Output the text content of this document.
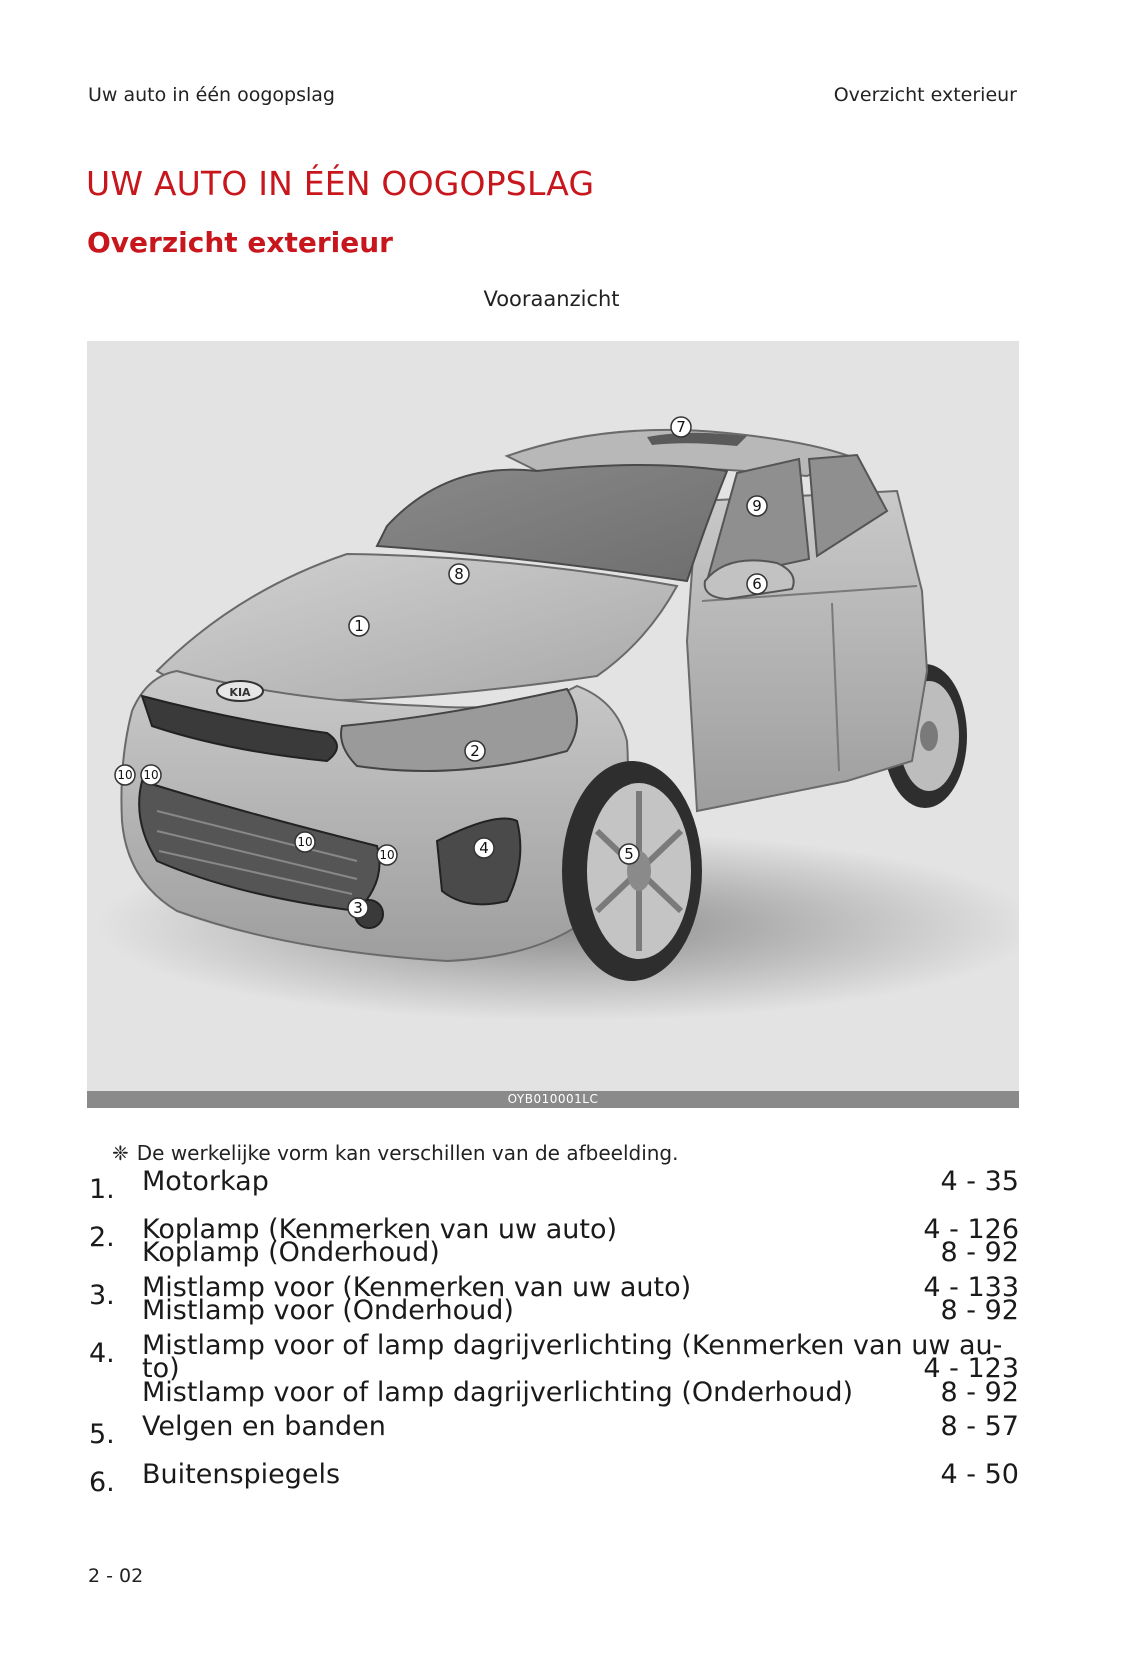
Uw auto in één oogopslag	Overzicht exterieur
UW AUTO IN ÉÉN OOGOPSLAG
Overzicht exterieur
Vooraanzicht
KIA
1
2
3
4	5
6
7
8
9
10 10
10
10
OYB010001LC
❈ De werkelijke vorm kan verschillen van de afbeelding.
1. Motorkap	4 - 35
2. Koplamp (Kenmerken van uw auto)	4 - 126
Koplamp (Onderhoud)	8 - 92
3. Mistlamp voor (Kenmerken van uw auto)	4 - 133
Mistlamp voor (Onderhoud)	8 - 92
4. Mistlamp voor of lamp dagrijverlichting (Kenmerken van uw au-
to)	4 - 123
Mistlamp voor of lamp dagrijverlichting (Onderhoud)	8 - 92
5. Velgen en banden	8 - 57
6. Buitenspiegels	4 - 50
2 - 02
